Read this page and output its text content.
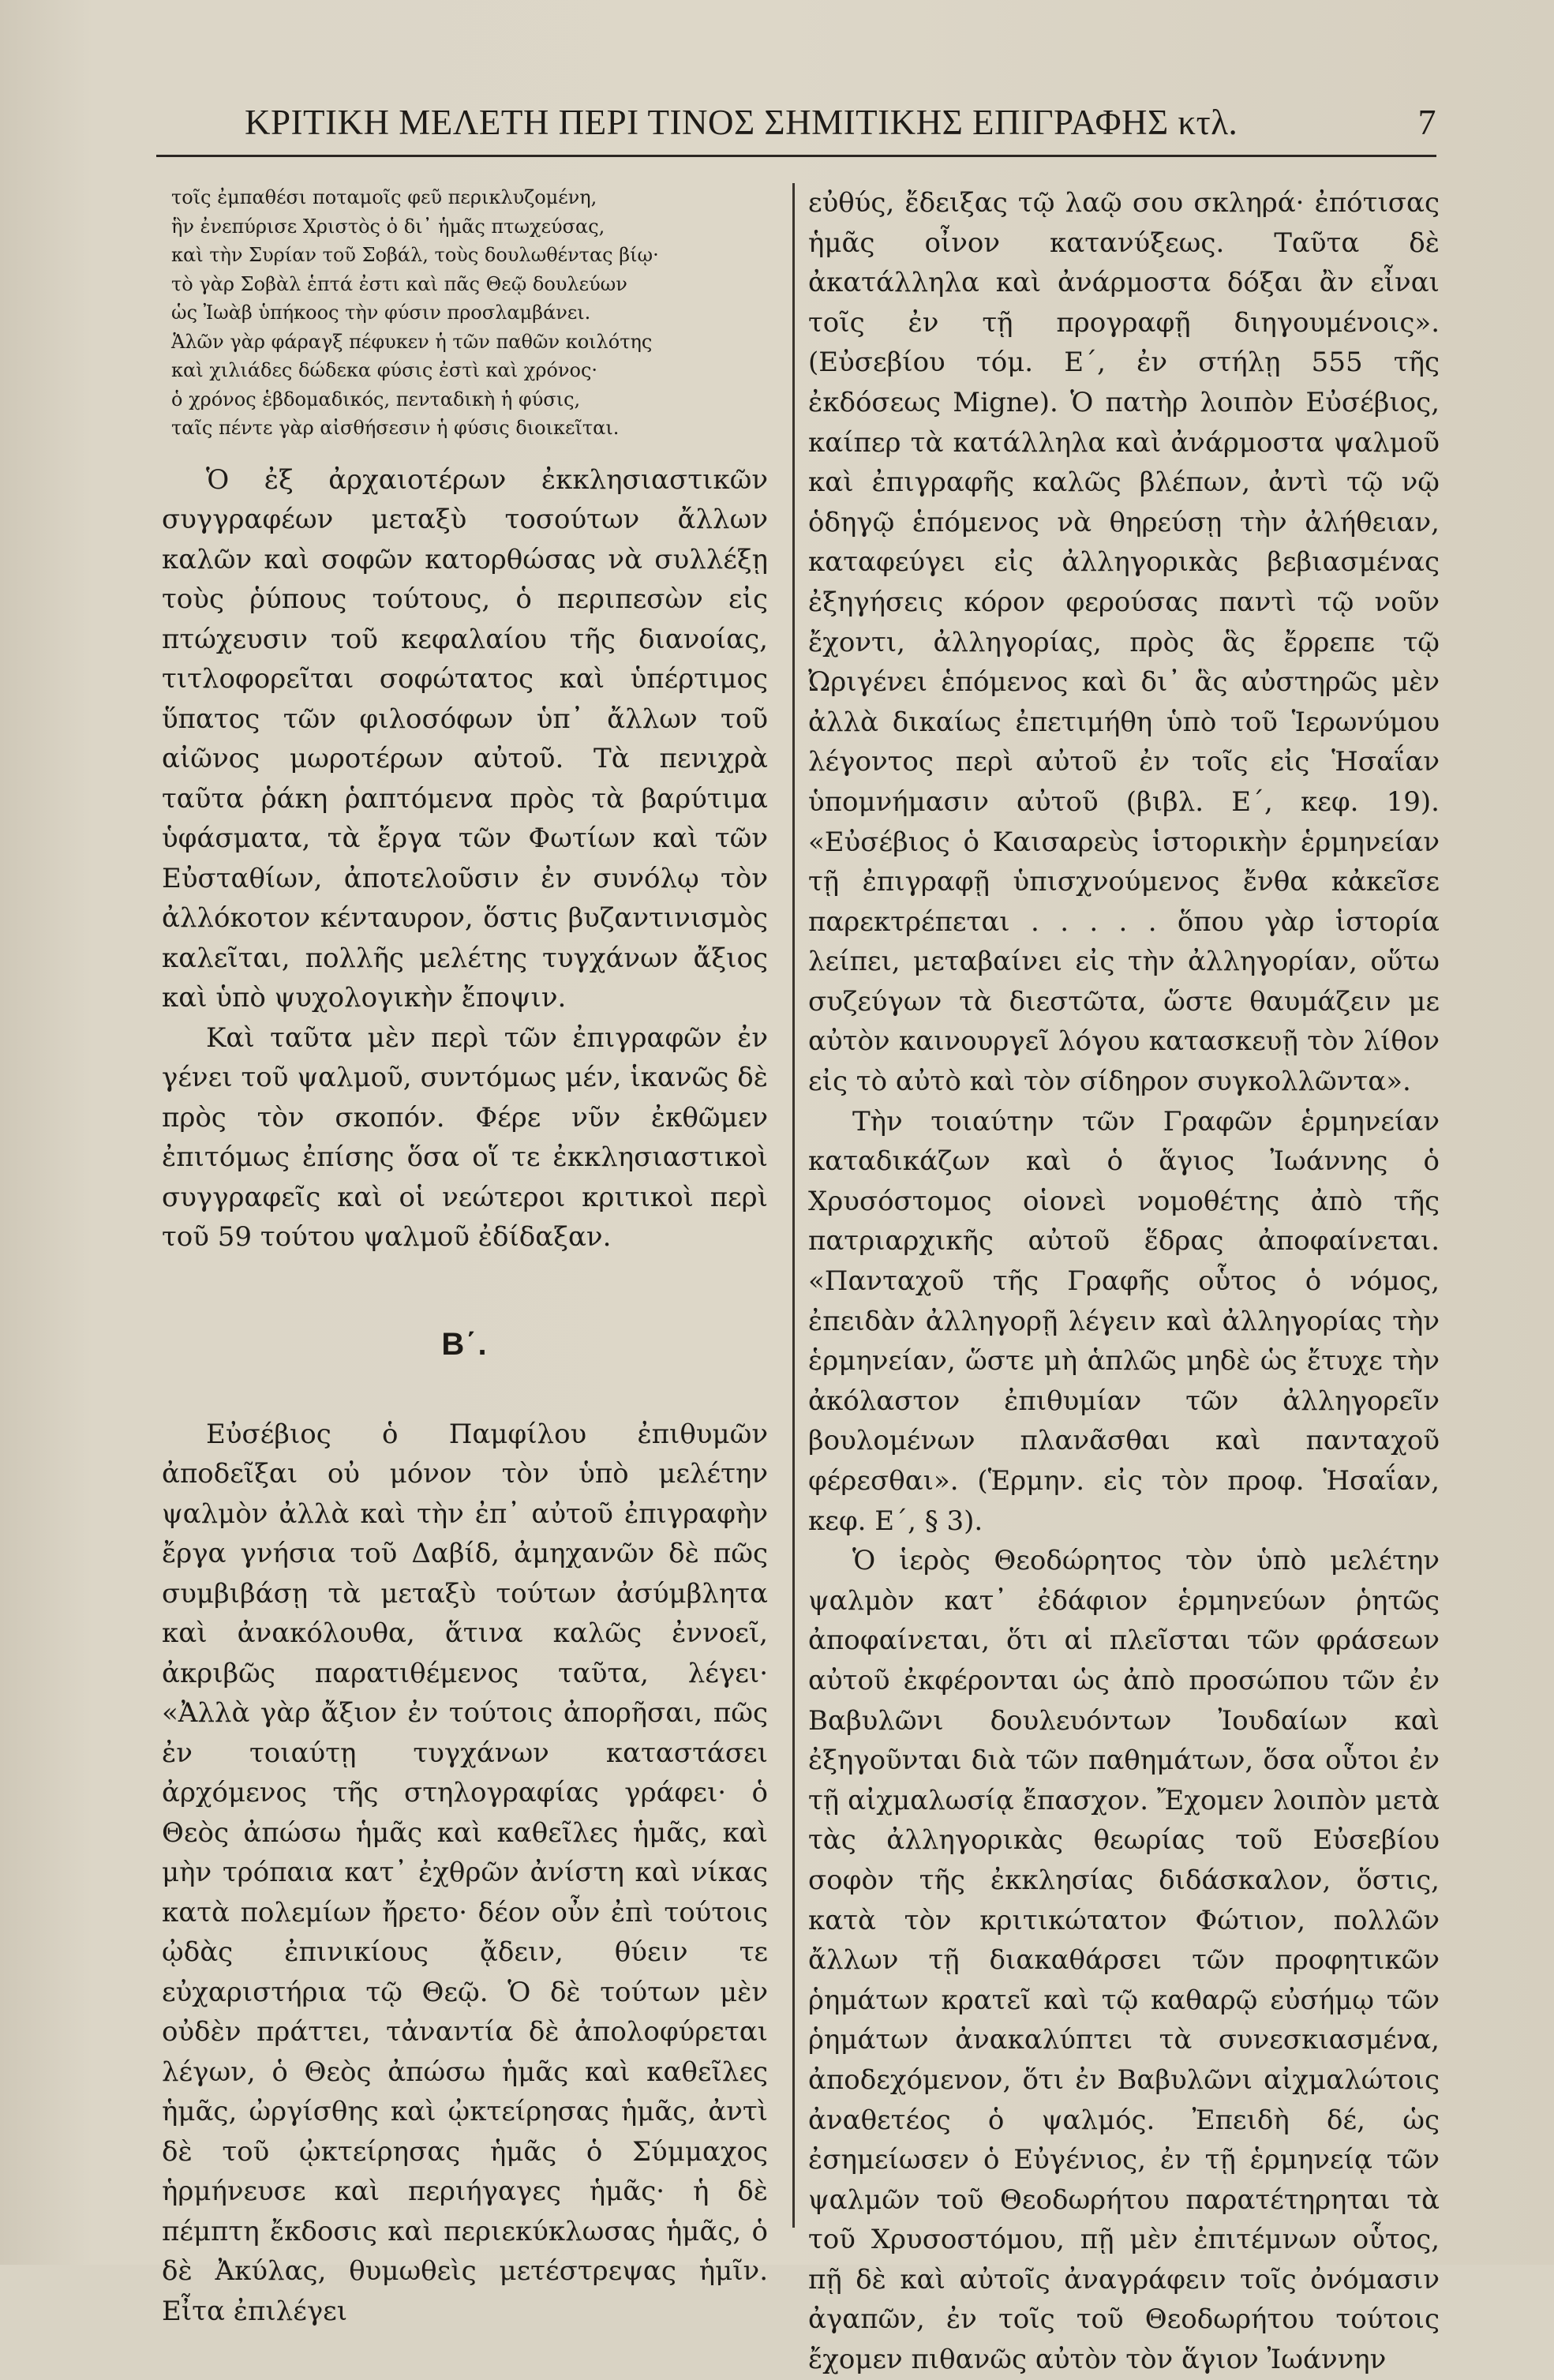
ΚΡΙΤΙΚΗ ΜΕΛΕΤΗ ΠΕΡΙ ΤΙΝΟΣ ΣΗΜΙΤΙΚΗΣ ΕΠΙΓΡΑΦΗΣ κτλ.	7

τοῖς ἐμπαθέσι ποταμοῖς φεῦ περικλυζομένη,

ἣν ἐνεπύρισε Χριστὸς ὁ δι᾽ ἡμᾶς πτωχεύσας,

καὶ τὴν Συρίαν τοῦ Σοβάλ, τοὺς δουλωθέντας βίῳ·

τὸ γὰρ Σοβὰλ ἑπτά ἐστι καὶ πᾶς Θεῷ δουλεύων

ὡς Ἰωὰβ ὑπήκοος τὴν φύσιν προσλαμβάνει.

Ἁλῶν γὰρ φάραγξ πέφυκεν ἡ τῶν παθῶν κοιλότης

καὶ χιλιάδες δώδεκα φύσις ἐστὶ καὶ χρόνος·

ὁ χρόνος ἑβδομαδικός, πενταδικὴ ἡ φύσις,

ταῖς πέντε γὰρ αἰσθήσεσιν ἡ φύσις διοικεῖται.

Ὁ ἐξ ἀρχαιοτέρων ἐκκλησιαστικῶν συγγραφέων μεταξὺ τοσούτων ἄλλων καλῶν καὶ σοφῶν κατορθώσας νὰ συλλέξῃ τοὺς ῥύπους τούτους, ὁ περιπεσὼν εἰς πτώχευσιν τοῦ κεφαλαίου τῆς διανοίας, τιτλοφορεῖται σοφώτατος καὶ ὑπέρτιμος ὕπατος τῶν φιλοσόφων ὑπ᾽ ἄλλων τοῦ αἰῶνος μωροτέρων αὐτοῦ. Τὰ πενιχρὰ ταῦτα ῥάκη ῥαπτόμενα πρὸς τὰ βαρύτιμα ὑφάσματα, τὰ ἔργα τῶν Φωτίων καὶ τῶν Εὐσταθίων, ἀποτελοῦσιν ἐν συνόλῳ τὸν ἀλλόκοτον κένταυρον, ὅστις βυζαντινισμὸς καλεῖται, πολλῆς μελέτης τυγχάνων ἄξιος καὶ ὑπὸ ψυχολογικὴν ἔποψιν.

Καὶ ταῦτα μὲν περὶ τῶν ἐπιγραφῶν ἐν γένει τοῦ ψαλμοῦ, συντόμως μέν, ἱκανῶς δὲ πρὸς τὸν σκοπόν. Φέρε νῦν ἐκθῶμεν ἐπιτόμως ἐπίσης ὅσα οἵ τε ἐκκλησιαστικοὶ συγγραφεῖς καὶ οἱ νεώτεροι κριτικοὶ περὶ τοῦ 59 τούτου ψαλμοῦ ἐδίδαξαν.

Β΄.

Εὐσέβιος ὁ Παμφίλου ἐπιθυμῶν ἀποδεῖξαι οὐ μόνον τὸν ὑπὸ μελέτην ψαλμὸν ἀλλὰ καὶ τὴν ἐπ᾽ αὐτοῦ ἐπιγραφὴν ἔργα γνήσια τοῦ Δαβίδ, ἀμηχανῶν δὲ πῶς συμβιβάσῃ τὰ μεταξὺ τούτων ἀσύμβλητα καὶ ἀνακόλουθα, ἅτινα καλῶς ἐννοεῖ, ἀκριβῶς παρατιθέμενος ταῦτα, λέγει· «Ἀλλὰ γὰρ ἄξιον ἐν τούτοις ἀπορῆσαι, πῶς ἐν τοιαύτῃ τυγχάνων καταστάσει ἀρχόμενος τῆς στηλογραφίας γράφει· ὁ Θεὸς ἀπώσω ἡμᾶς καὶ καθεῖλες ἡμᾶς, καὶ μὴν τρόπαια κατ᾽ ἐχθρῶν ἀνίστη καὶ νίκας κατὰ πολεμίων ἤρετο· δέον οὖν ἐπὶ τούτοις ᾠδὰς ἐπινικίους ᾄδειν, θύειν τε εὐχαριστήρια τῷ Θεῷ. Ὁ δὲ τούτων μὲν οὐδὲν πράττει, τἀναντία δὲ ἀπολοφύρεται λέγων, ὁ Θεὸς ἀπώσω ἡμᾶς καὶ καθεῖλες ἡμᾶς, ὠργίσθης καὶ ᾠκτείρησας ἡμᾶς, ἀντὶ δὲ τοῦ ᾠκτείρησας ἡμᾶς ὁ Σύμμαχος ἡρμήνευσε καὶ περιήγαγες ἡμᾶς· ἡ δὲ πέμπτη ἔκδοσις καὶ περιεκύκλωσας ἡμᾶς, ὁ δὲ Ἀκύλας, θυμωθεὶς μετέστρεψας ἡμῖν. Εἶτα ἐπιλέγει

εὐθύς, ἔδειξας τῷ λαῷ σου σκληρά· ἐπότισας ἡμᾶς οἶνον κατανύξεως. Ταῦτα δὲ ἀκατάλληλα καὶ ἀνάρμοστα δόξαι ἂν εἶναι τοῖς ἐν τῇ προγραφῇ διηγουμένοις». (Εὐσεβίου τόμ. Ε΄, ἐν στήλῃ 555 τῆς ἐκδόσεως Migne). Ὁ πατὴρ λοιπὸν Εὐσέβιος, καίπερ τὰ κατάλληλα καὶ ἀνάρμοστα ψαλμοῦ καὶ ἐπιγραφῆς καλῶς βλέπων, ἀντὶ τῷ νῷ ὁδηγῷ ἑπόμενος νὰ θηρεύσῃ τὴν ἀλήθειαν, καταφεύγει εἰς ἀλληγορικὰς βεβιασμένας ἐξηγήσεις κόρον φερούσας παντὶ τῷ νοῦν ἔχοντι, ἀλληγορίας, πρὸς ἃς ἔρρεπε τῷ Ὠριγένει ἑπόμενος καὶ δι᾽ ἃς αὐστηρῶς μὲν ἀλλὰ δικαίως ἐπετιμήθη ὑπὸ τοῦ Ἱερωνύμου λέγοντος περὶ αὐτοῦ ἐν τοῖς εἰς Ἡσαΐαν ὑπομνήμασιν αὐτοῦ (βιβλ. Ε΄, κεφ. 19). «Εὐσέβιος ὁ Καισαρεὺς ἱστορικὴν ἑρμηνείαν τῇ ἐπιγραφῇ ὑπισχνούμενος ἔνθα κἀκεῖσε παρεκτρέπεται . . . . . ὅπου γὰρ ἱστορία λείπει, μεταβαίνει εἰς τὴν ἀλληγορίαν, οὕτω συζεύγων τὰ διεστῶτα, ὥστε θαυμάζειν με αὐτὸν καινουργεῖ λόγου κατασκευῇ τὸν λίθον εἰς τὸ αὐτὸ καὶ τὸν σίδηρον συγκολλῶντα».

Τὴν τοιαύτην τῶν Γραφῶν ἑρμηνείαν καταδικάζων καὶ ὁ ἅγιος Ἰωάννης ὁ Χρυσόστομος οἱονεὶ νομοθέτης ἀπὸ τῆς πατριαρχικῆς αὐτοῦ ἕδρας ἀποφαίνεται. «Πανταχοῦ τῆς Γραφῆς οὗτος ὁ νόμος, ἐπειδὰν ἀλληγορῇ λέγειν καὶ ἀλληγορίας τὴν ἑρμηνείαν, ὥστε μὴ ἁπλῶς μηδὲ ὡς ἔτυχε τὴν ἀκόλαστον ἐπιθυμίαν τῶν ἀλληγορεῖν βουλομένων πλανᾶσθαι καὶ πανταχοῦ φέρεσθαι». (Ἑρμην. εἰς τὸν προφ. Ἡσαΐαν, κεφ. Ε΄, § 3).

Ὁ ἱερὸς Θεοδώρητος τὸν ὑπὸ μελέτην ψαλμὸν κατ᾽ ἐδάφιον ἑρμηνεύων ῥητῶς ἀποφαίνεται, ὅτι αἱ πλεῖσται τῶν φράσεων αὐτοῦ ἐκφέρονται ὡς ἀπὸ προσώπου τῶν ἐν Βαβυλῶνι δουλευόντων Ἰουδαίων καὶ ἐξηγοῦνται διὰ τῶν παθημάτων, ὅσα οὗτοι ἐν τῇ αἰχμαλωσίᾳ ἔπασχον. Ἔχομεν λοιπὸν μετὰ τὰς ἀλληγορικὰς θεωρίας τοῦ Εὐσεβίου σοφὸν τῆς ἐκκλησίας διδάσκαλον, ὅστις, κατὰ τὸν κριτικώτατον Φώτιον, πολλῶν ἄλλων τῇ διακαθάρσει τῶν προφητικῶν ῥημάτων κρατεῖ καὶ τῷ καθαρῷ εὐσήμῳ τῶν ῥημάτων ἀνακαλύπτει τὰ συνεσκιασμένα, ἀποδεχόμενον, ὅτι ἐν Βαβυλῶνι αἰχμαλώτοις ἀναθετέος ὁ ψαλμός. Ἐπειδὴ δέ, ὡς ἐσημείωσεν ὁ Εὐγένιος, ἐν τῇ ἑρμηνείᾳ τῶν ψαλμῶν τοῦ Θεοδωρήτου παρατέτηρηται τὰ τοῦ Χρυσοστόμου, πῇ μὲν ἐπιτέμνων οὗτος, πῇ δὲ καὶ αὐτοῖς ἀναγράφειν τοῖς ὀνόμασιν ἀγαπῶν, ἐν τοῖς τοῦ Θεοδωρήτου τούτοις ἔχομεν πιθανῶς αὐτὸν τὸν ἅγιον Ἰωάννην
